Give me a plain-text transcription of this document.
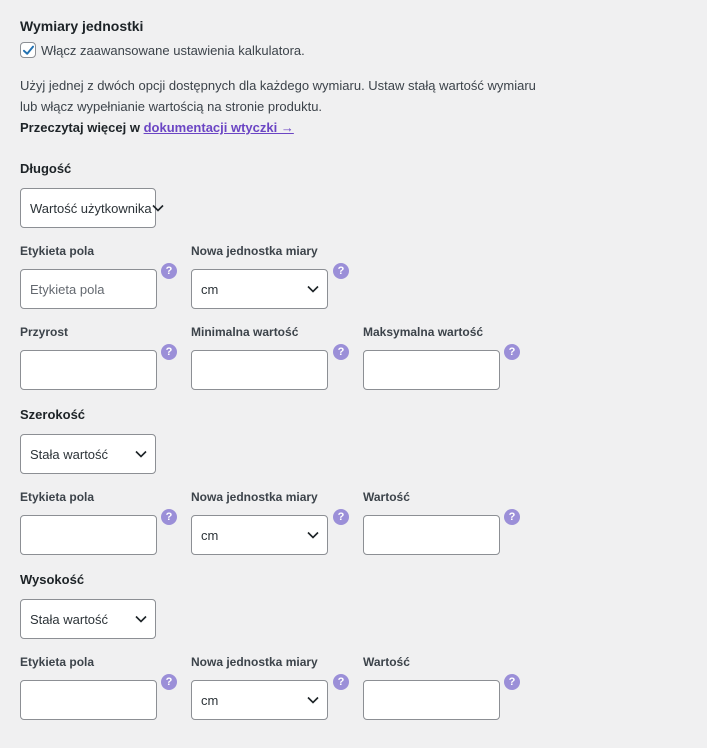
Wymiary jednostki
Włącz zaawansowane ustawienia kalkulatora.
Użyj jednej z dwóch opcji dostępnych dla każdego wymiaru. Ustaw stałą wartość wymiaru
lub włącz wypełnianie wartością na stronie produktu.
Przeczytaj więcej w dokumentacji wtyczki →
Długość
Wartość użytkownika
Etykieta pola
Etykieta pola
?
Nowa jednostka miary
cm
?
Przyrost
?
Minimalna wartość
?
Maksymalna wartość
?
Szerokość
Stała wartość
Etykieta pola
?
Nowa jednostka miary
cm
?
Wartość
?
Wysokość
Stała wartość
Etykieta pola
?
Nowa jednostka miary
cm
?
Wartość
?
